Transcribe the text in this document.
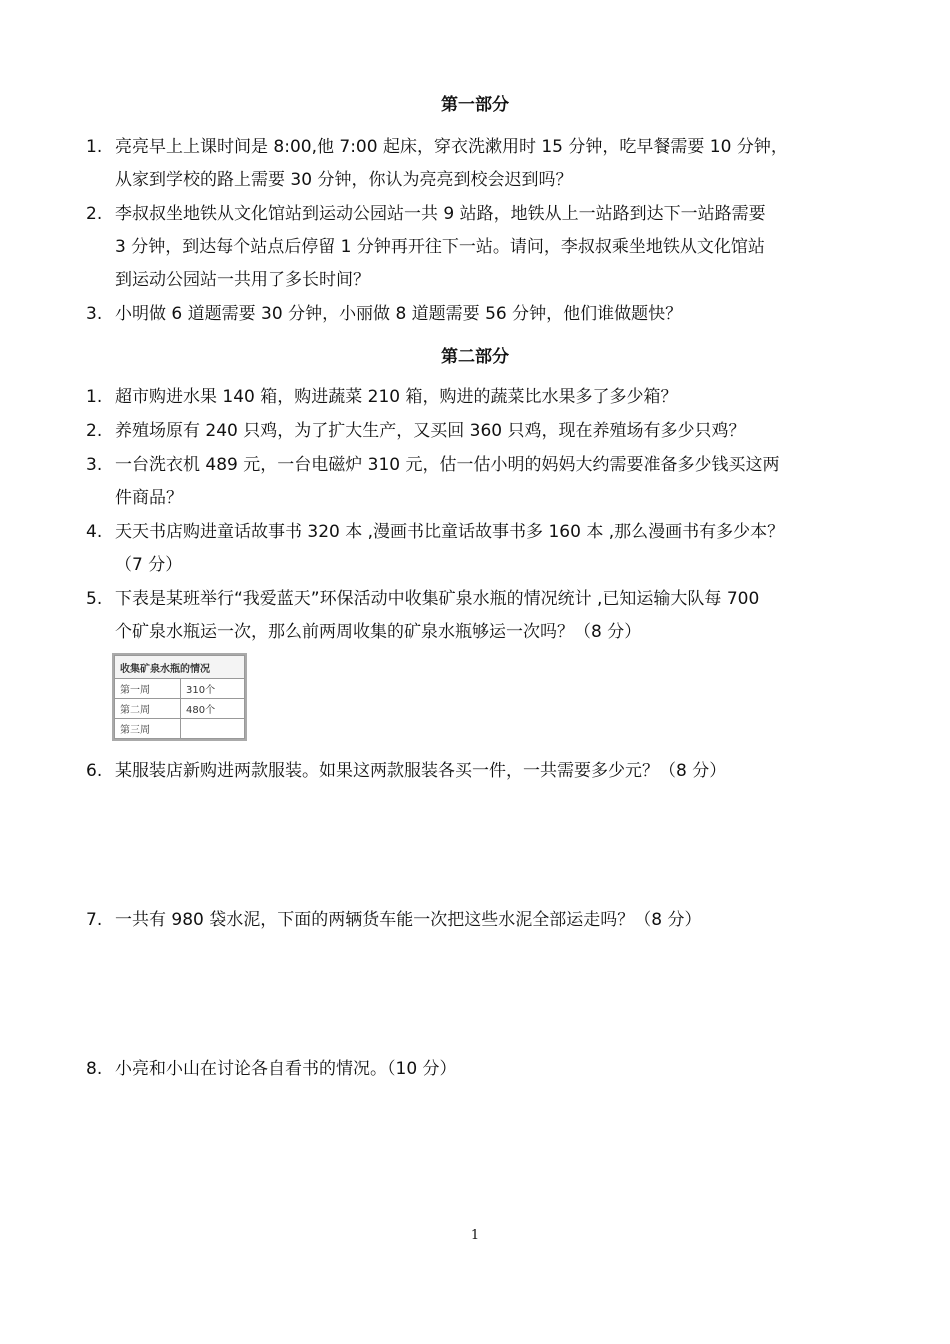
第一部分
1. 亮亮早上上课时间是 8:00,他 7:00 起床，穿衣洗漱用时 15 分钟，吃早餐需要 10 分钟，
从家到学校的路上需要 30 分钟，你认为亮亮到校会迟到吗？
2. 李叔叔坐地铁从文化馆站到运动公园站一共 9 站路，地铁从上一站路到达下一站路需要
3 分钟，到达每个站点后停留 1 分钟再开往下一站。请问，李叔叔乘坐地铁从文化馆站
到运动公园站一共用了多长时间？
3. 小明做 6 道题需要 30 分钟，小丽做 8 道题需要 56 分钟，他们谁做题快？
第二部分
1. 超市购进水果 140 箱，购进蔬菜 210 箱，购进的蔬菜比水果多了多少箱？
2. 养殖场原有 240 只鸡，为了扩大生产，又买回 360 只鸡，现在养殖场有多少只鸡？
3. 一台洗衣机 489 元，一台电磁炉 310 元，估一估小明的妈妈大约需要准备多少钱买这两
件商品？
4. 天天书店购进童话故事书 320 本 ,漫画书比童话故事书多 160 本 ,那么漫画书有多少本？
（7 分）
5. 下表是某班举行“我爱蓝天”环保活动中收集矿泉水瓶的情况统计 ,已知运输大队每 700
个矿泉水瓶运一次，那么前两周收集的矿泉水瓶够运一次吗？（8 分）
收集矿泉水瓶的情况	
第一周	310个
第二周	480个
第三周	
6. 某服装店新购进两款服装。如果这两款服装各买一件，一共需要多少元？（8 分）
7. 一共有 980 袋水泥，下面的两辆货车能一次把这些水泥全部运走吗？（8 分）
8. 小亮和小山在讨论各自看书的情况。（10 分）
1
